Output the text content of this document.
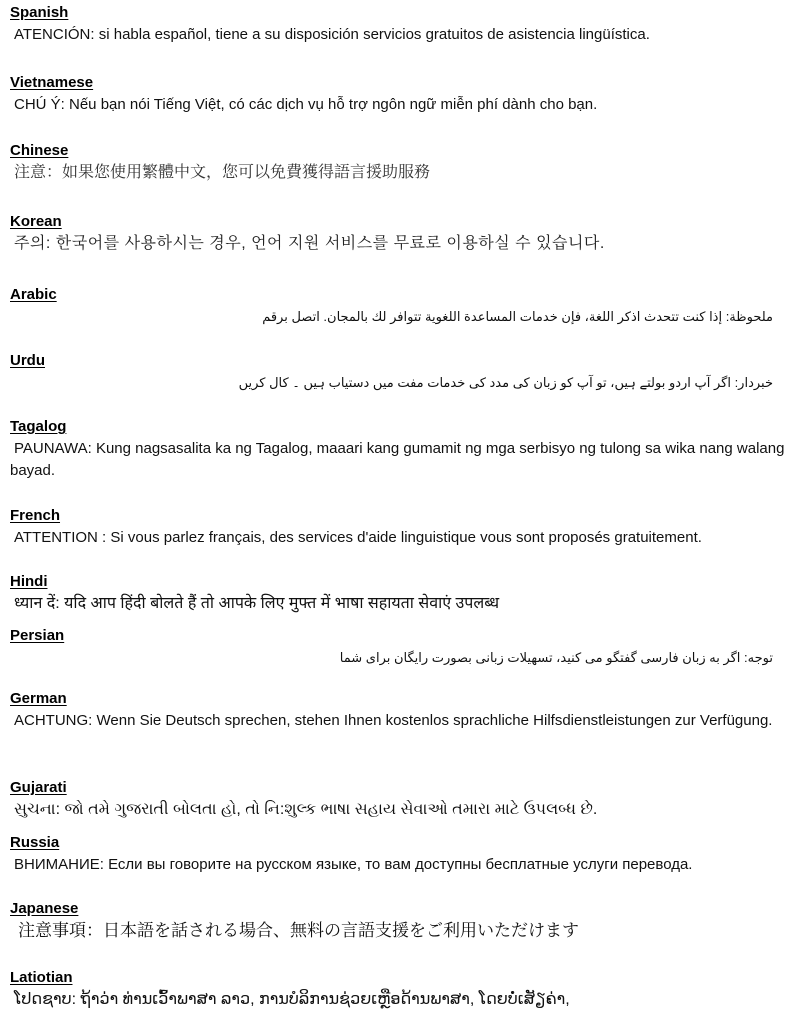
Spanish
ATENCIÓN: si habla español, tiene a su disposición servicios gratuitos de asistencia lingüística.
Vietnamese
CHÚ Ý: Nếu bạn nói Tiếng Việt, có các dịch vụ hỗ trợ ngôn ngữ miễn phí dành cho bạn.
Chinese
注意：如果您使用繁體中文，您可以免費獲得語言援助服務
Korean
주의: 한국어를 사용하시는 경우, 언어 지원 서비스를 무료로 이용하실 수 있습니다.
Arabic
ملحوظة: إذا كنت تتحدث اذكر اللغة، فإن خدمات المساعدة اللغوية تتوافر لك بالمجان. اتصل برقم
Urdu
خبردار: اگر آپ اردو بولتے ہیں، تو آپ کو زبان کی مدد کی خدمات مفت میں دستیاب ہیں ۔ کال کریں
Tagalog
PAUNAWA: Kung nagsasalita ka ng Tagalog, maaari kang gumamit ng mga serbisyo ng tulong sa wika nang walang bayad.
French
ATTENTION : Si vous parlez français, des services d'aide linguistique vous sont proposés gratuitement.
Hindi
ध्यान दें: यदि आप हिंदी बोलते हैं तो आपके लिए मुफ्त में भाषा सहायता सेवाएं उपलब्ध
Persian
توجه: اگر به زبان فارسی گفتگو می کنید، تسهیلات زبانی بصورت رایگان برای شما
German
ACHTUNG: Wenn Sie Deutsch sprechen, stehen Ihnen kostenlos sprachliche Hilfsdienstleistungen zur Verfügung.
Gujarati
સુચના: જો તમે ગુજરાતી બોલતા હો, તો નિ:શુલ્ક ભાષા સહાય સેવાઓ તમારા માટે ઉપલબ્ધ છે.
Russia
ВНИМАНИЕ: Если вы говорите на русском языке, то вам доступны бесплатные услуги перевода.
Japanese
注意事項：日本語を話される場合、無料の言語支援をご利用いただけます
Latiotian
ໂປດຊາບ: ຖ້າວ່າ ທ່ານເວົ້າພາສາ ລາວ, ການບໍລິການຊ່ວຍເຫຼືອດ້ານພາສາ, ໂດຍບໍ່ເສັຽຄ່າ,
